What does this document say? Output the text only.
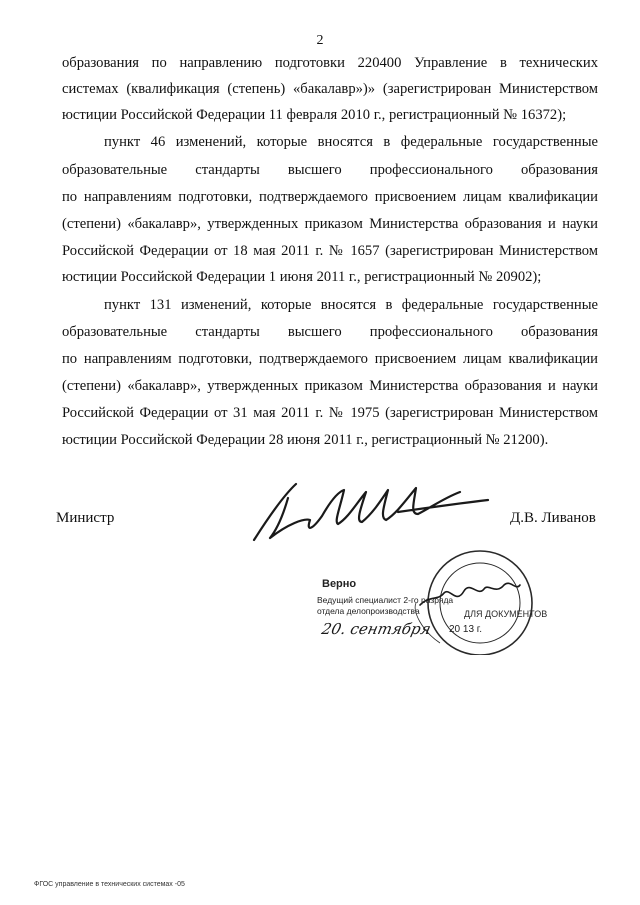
2
образования по направлению подготовки 220400 Управление в технических
системах (квалификация (степень) «бакалавр»)» (зарегистрирован Министерством
юстиции Российской Федерации 11 февраля 2010 г., регистрационный № 16372);
пункт 46 изменений, которые вносятся в федеральные государственные
образовательные стандарты высшего профессионального образования
по направлениям подготовки, подтверждаемого присвоением лицам квалификации
(степени) «бакалавр», утвержденных приказом Министерства образования и науки
Российской Федерации от 18 мая 2011 г. № 1657 (зарегистрирован Министерством
юстиции Российской Федерации 1 июня 2011 г., регистрационный № 20902);
пункт 131 изменений, которые вносятся в федеральные государственные
образовательные стандарты высшего профессионального образования
по направлениям подготовки, подтверждаемого присвоением лицам квалификации
(степени) «бакалавр», утвержденных приказом Министерства образования и науки
Российской Федерации от 31 мая 2011 г. № 1975 (зарегистрирован Министерством
юстиции Российской Федерации 28 июня 2011 г., регистрационный № 21200).
Министр	Д.В. Ливанов
ДЛЯ ДОКУМЕНТОВ
Верно
Ведущий специалист 2-го разряда
отдела делопроизводства
20. сентября 20 13 г.
ФГОС управление в технических системах -05
